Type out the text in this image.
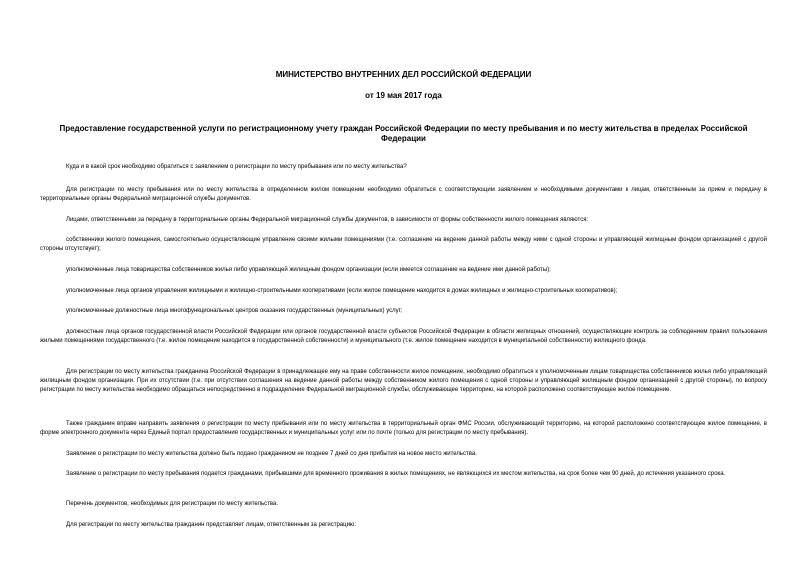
МИНИСТЕРСТВО ВНУТРЕННИХ ДЕЛ РОССИЙСКОЙ ФЕДЕРАЦИИ

от 19 мая 2017 года

Предоставление государственной услуги по регистрационному учету граждан Российской Федерации по месту пребывания и по месту жительства в пределах Российской Федерации

Куда и в какой срок необходимо обратиться с заявлением о регистрации по месту пребывания или по месту жительства?

Для регистрации по месту пребывания или по месту жительства в определенном жилом помещении необходимо обратиться с соответствующим заявлением и необходимыми документами к лицам, ответственным за прием и передачу в территориальные органы Федеральной миграционной службы документов.

Лицами, ответственными за передачу в территориальные органы Федеральной миграционной службы документов, в зависимости от формы собственности жилого помещения являются:

собственники жилого помещения, самостоятельно осуществляющие управление своими жилыми помещениями (т.е. соглашение на ведение данной работы между ними с одной стороны и управляющей жилищным фондом организацией с другой стороны отсутствует);

уполномоченные лица товарищества собственников жилья либо управляющей жилищным фондом организации (если имеется соглашение на ведение ими данной работы);

уполномоченные лица органов управления жилищными и жилищно-строительными кооперативами (если жилое помещение находится в домах жилищных и жилищно-строительных кооперативов);

уполномоченные должностные лица многофункциональных центров оказания государственных (муниципальных) услуг;

должностные лица органов государственной власти Российской Федерации или органов государственной власти субъектов Российской Федерации в области жилищных отношений, осуществляющие контроль за соблюдением правил пользования жилыми помещениями государственного (т.е. жилое помещение находится в государственной собственности) и муниципального (т.е. жилое помещение находится в муниципальной собственности) жилищного фонда.

Для регистрации по месту жительства гражданина Российской Федерации в принадлежащее ему на праве собственности жилое помещение, необходимо обратиться к уполномоченным лицам товарищества собственников жилья либо управляющей жилищным фондом организации. При их отсутствии (т.е. при отсутствии соглашения на ведение данной работы между собственником жилого помещения с одной стороны и управляющей жилищным фондом организацией с другой стороны), по вопросу регистрации по месту жительства необходимо обращаться непосредственно в подразделение Федеральной миграционной службы, обслуживающее территорию, на которой расположено соответствующее жилое помещение.

Также гражданин вправе направить заявления о регистрации по месту пребывания или по месту жительства в территориальный орган ФМС России, обслуживающий территорию, на которой расположено соответствующее жилое помещение, в форме электронного документа через Единый портал предоставления государственных и муниципальных услуг или по почте (только для регистрации по месту пребывания).

Заявление о регистрации по месту жительства должно быть подано гражданином не позднее 7 дней со дня прибытия на новое место жительства.

Заявление о регистрации по месту пребывания подается гражданами, прибывшими для временного проживания в жилых помещениях, не являющихся их местом жительства, на срок более чем 90 дней, до истечения указанного срока.

Перечень документов, необходимых для регистрации по месту жительства.

Для регистрации по месту жительства гражданин представляет лицам, ответственным за регистрацию:
